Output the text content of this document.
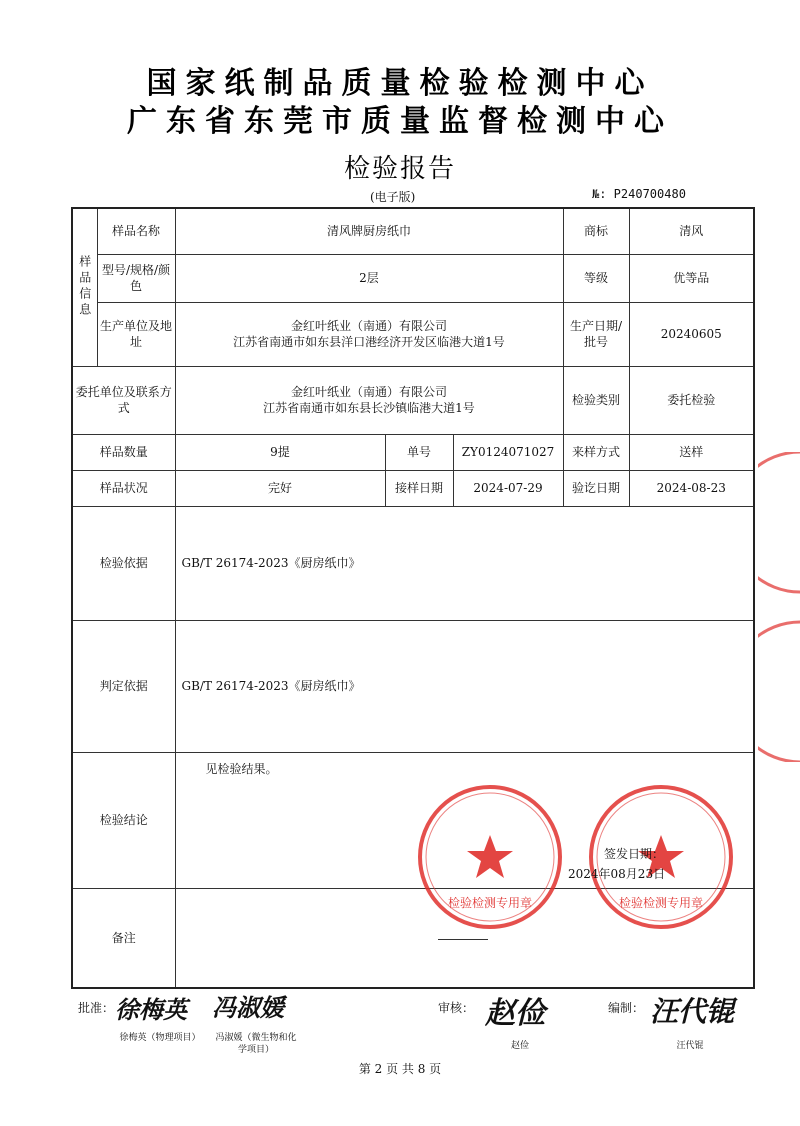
国家纸制品质量检验检测中心
广东省东莞市质量监督检测中心
检验报告
(电子版)	№: P240700480
样品信息	样品名称	清风牌厨房纸巾			商标	清风
	型号/规格/颜色	2层			等级	优等品
	生产单位及地址	金红叶纸业（南通）有限公司
江苏省南通市如东县洋口港经济开发区临港大道1号			生产日期/批号	20240605
委托单位及联系方式		金红叶纸业（南通）有限公司
江苏省南通市如东县长沙镇临港大道1号			检验类别	委托检验
样品数量		9提	单号	ZY0124071027	来样方式	送样
样品状况		完好	接样日期	2024-07-29	验讫日期	2024-08-23
检验依据		GB/T 26174-2023《厨房纸巾》				
判定依据		GB/T 26174-2023《厨房纸巾》				
检验结论		见检验结果。				
备注						
检验检测专用章	检验检测专用章
签发日期：
2024年08月23日
批准： 徐梅英 冯淑媛
徐梅英（物理项目）	冯淑媛（微生物和化
学项目）
审核： 赵俭
赵俭
编制： 汪代锟
汪代锟
第 2 页 共 8 页
